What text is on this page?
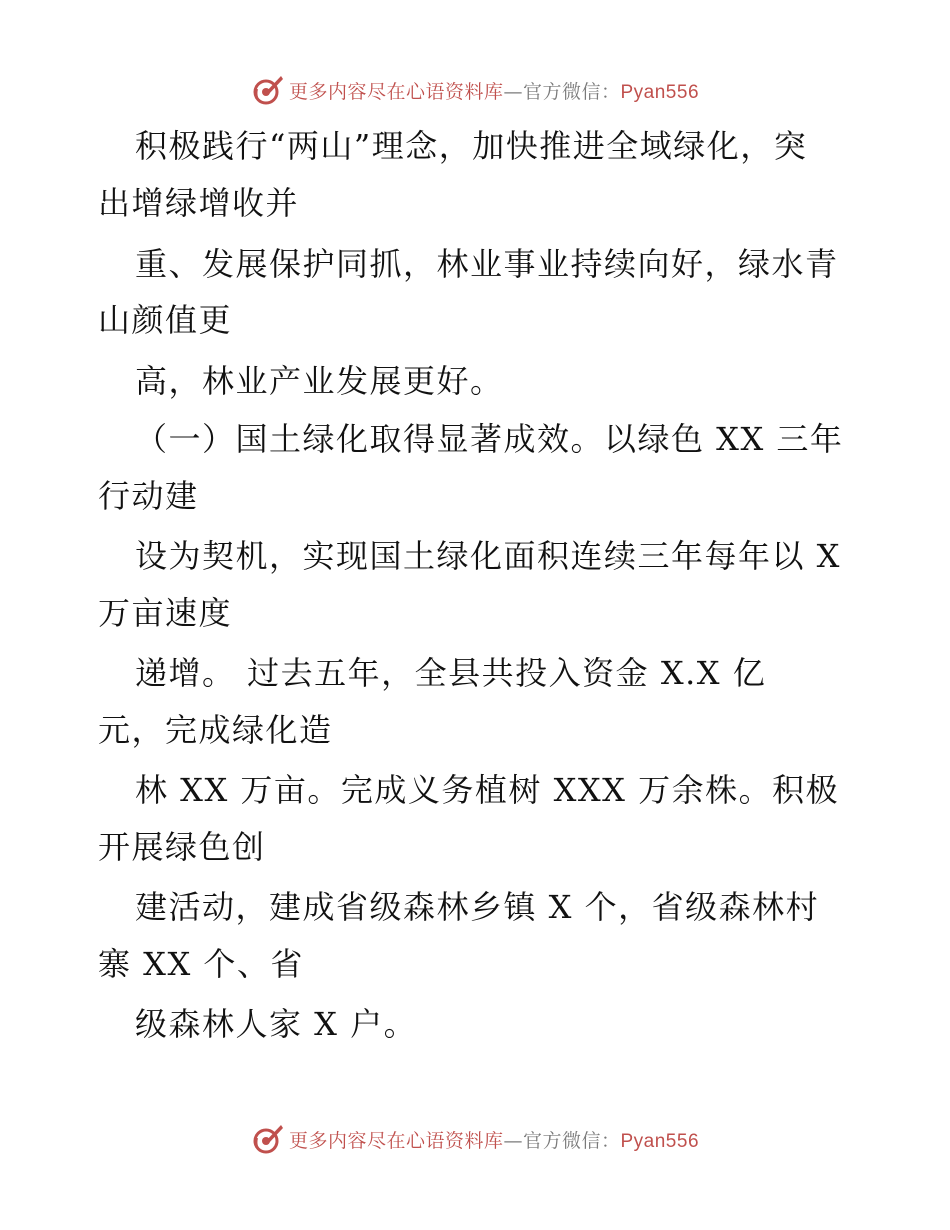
更多内容尽在心语资料库—官方微信：Pyan556
积极践行“两山”理念，加快推进全域绿化，突
出增绿增收并
重、发展保护同抓，林业事业持续向好，绿水青
山颜值更
高，林业产业发展更好。
（一）国土绿化取得显著成效。以绿色 XX 三年
行动建
设为契机，实现国土绿化面积连续三年每年以 X
万亩速度
递增。 过去五年，全县共投入资金 X.X 亿
元，完成绿化造
林 XX 万亩。完成义务植树 XXX 万余株。积极
开展绿色创
建活动，建成省级森林乡镇 X 个，省级森林村
寨 XX 个、省
级森林人家 X 户。
更多内容尽在心语资料库—官方微信：Pyan556
